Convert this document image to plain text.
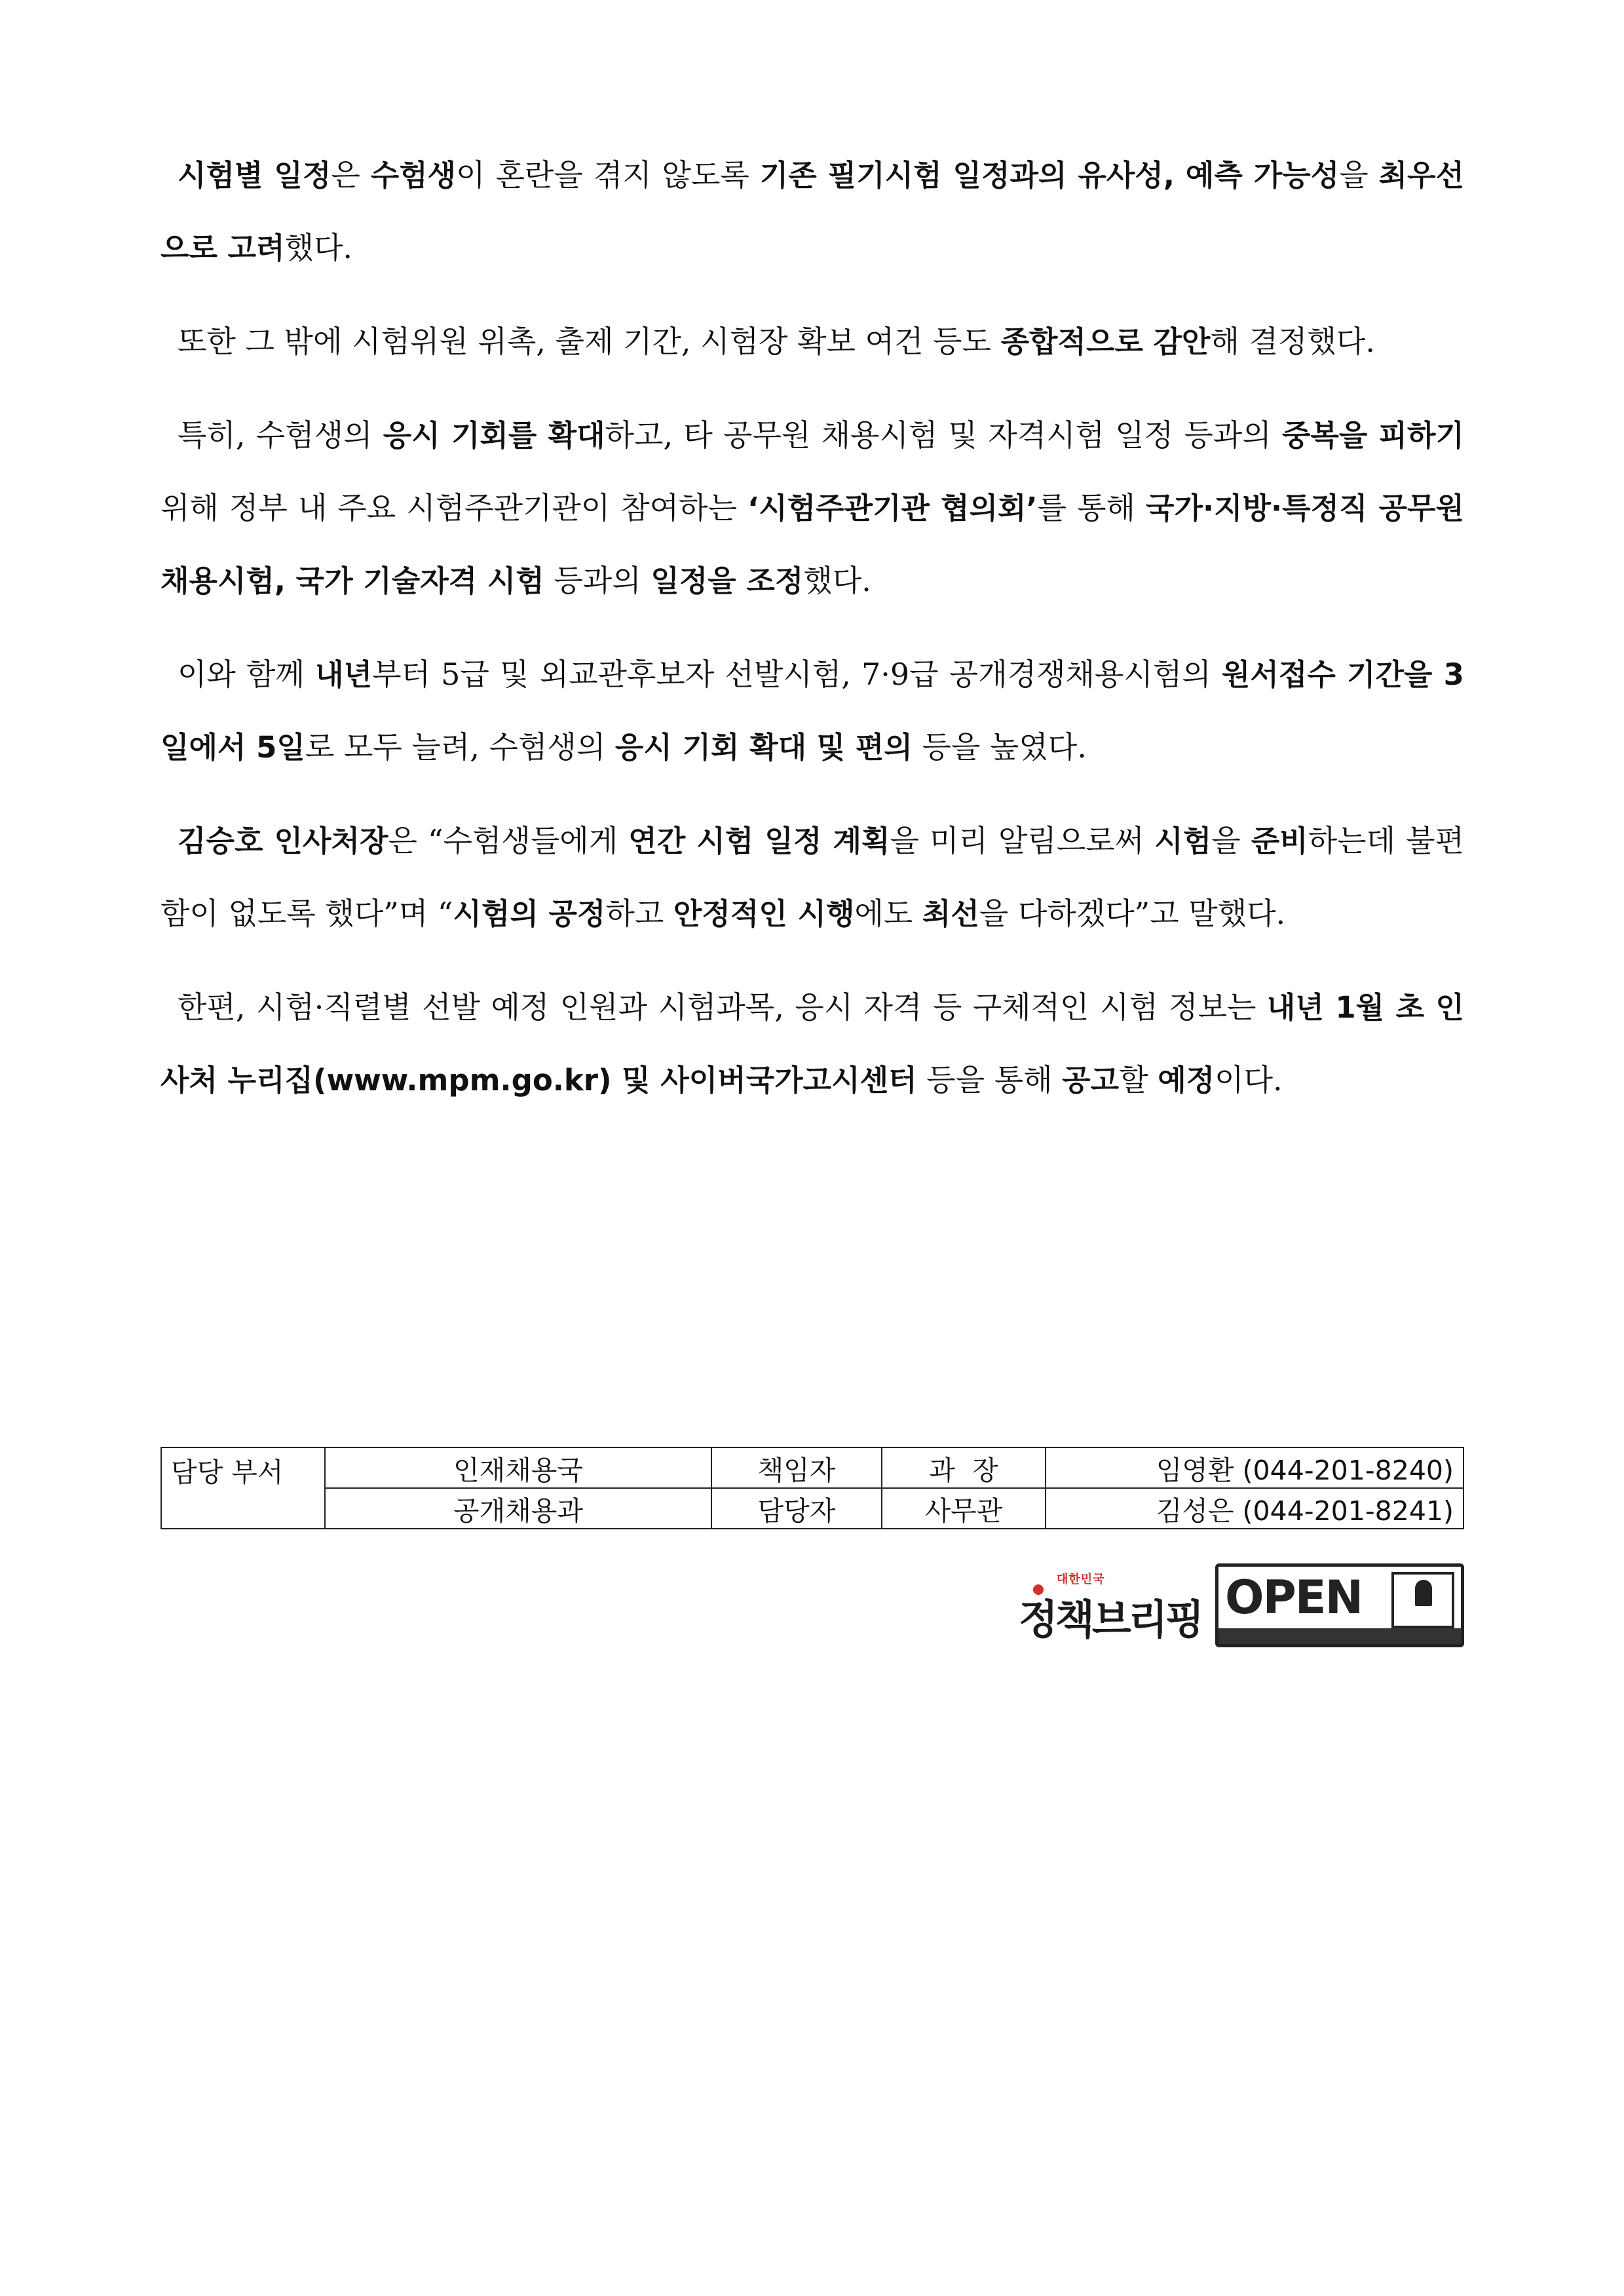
시험별 일정은 수험생이 혼란을 겪지 않도록 기존 필기시험 일정과의 유사성, 예측 가능성을 최우선으로 고려했다.

또한 그 밖에 시험위원 위촉, 출제 기간, 시험장 확보 여건 등도 종합적으로 감안해 결정했다.

특히, 수험생의 응시 기회를 확대하고, 타 공무원 채용시험 및 자격시험 일정 등과의 중복을 피하기위해 정부 내 주요 시험주관기관이 참여하는 ‘시험주관기관 협의회’를 통해 국가·지방·특정직 공무원 채용시험, 국가 기술자격 시험 등과의 일정을 조정했다.

이와 함께 내년부터 5급 및 외교관후보자 선발시험, 7·9급 공개경쟁채용시험의 원서접수 기간을 3일에서 5일로 모두 늘려, 수험생의 응시 기회 확대 및 편의 등을 높였다.

김승호 인사처장은 “수험생들에게 연간 시험 일정 계획을 미리 알림으로써 시험을 준비하는데 불편함이 없도록 했다”며 “시험의 공정하고 안정적인 시행에도 최선을 다하겠다”고 말했다.

한편, 시험·직렬별 선발 예정 인원과 시험과목, 응시 자격 등 구체적인 시험 정보는 내년 1월 초 인사처 누리집(www.mpm.go.kr) 및 사이버국가고시센터 등을 통해 공고할 예정이다.

담당 부서	인재채용국	책임자	과  장	임영환 (044-201-8240)
	공개채용과	담당자	사무관	김성은 (044-201-8241)
대한민국
정책브리핑 OPEN
